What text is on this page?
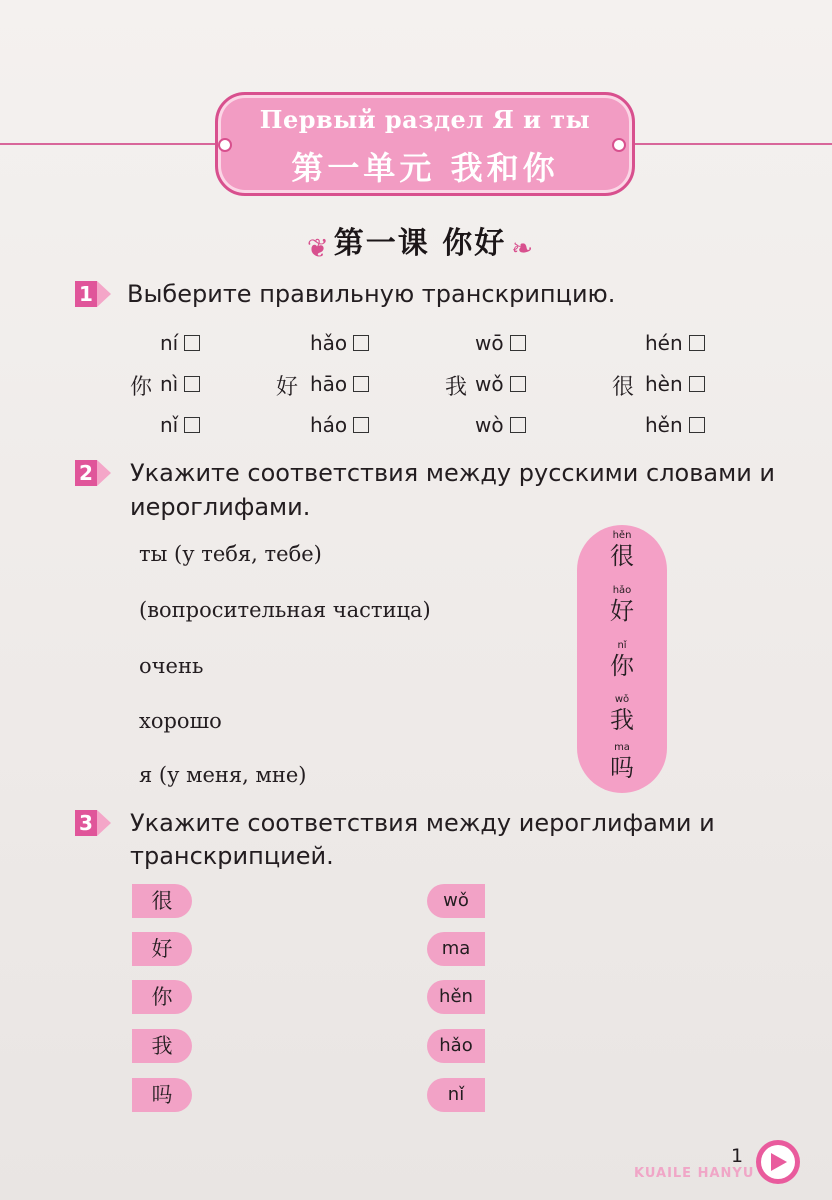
Первый раздел Я и ты
第一单元 我和你
❦ 第一课 你好 ❧
1 Выберите правильную транскрипцию.
你
ní
nì
nǐ
好
hǎo
hāo
háo
我
wō
wǒ
wò
很
hén
hèn
hěn
2 Укажите соответствия между русскими словами и
иероглифами.
ты (у тебя, тебе)
(вопросительная частица)
очень
хорошо
я (у меня, мне)
hěn
很
hǎo
好
nǐ
你
wǒ
我
ma
吗
3 Укажите соответствия между иероглифами и
транскрипцией.
很
好
你
我
吗
wǒ
ma
hěn
hǎo
nǐ
1
KUAILE HANYU
